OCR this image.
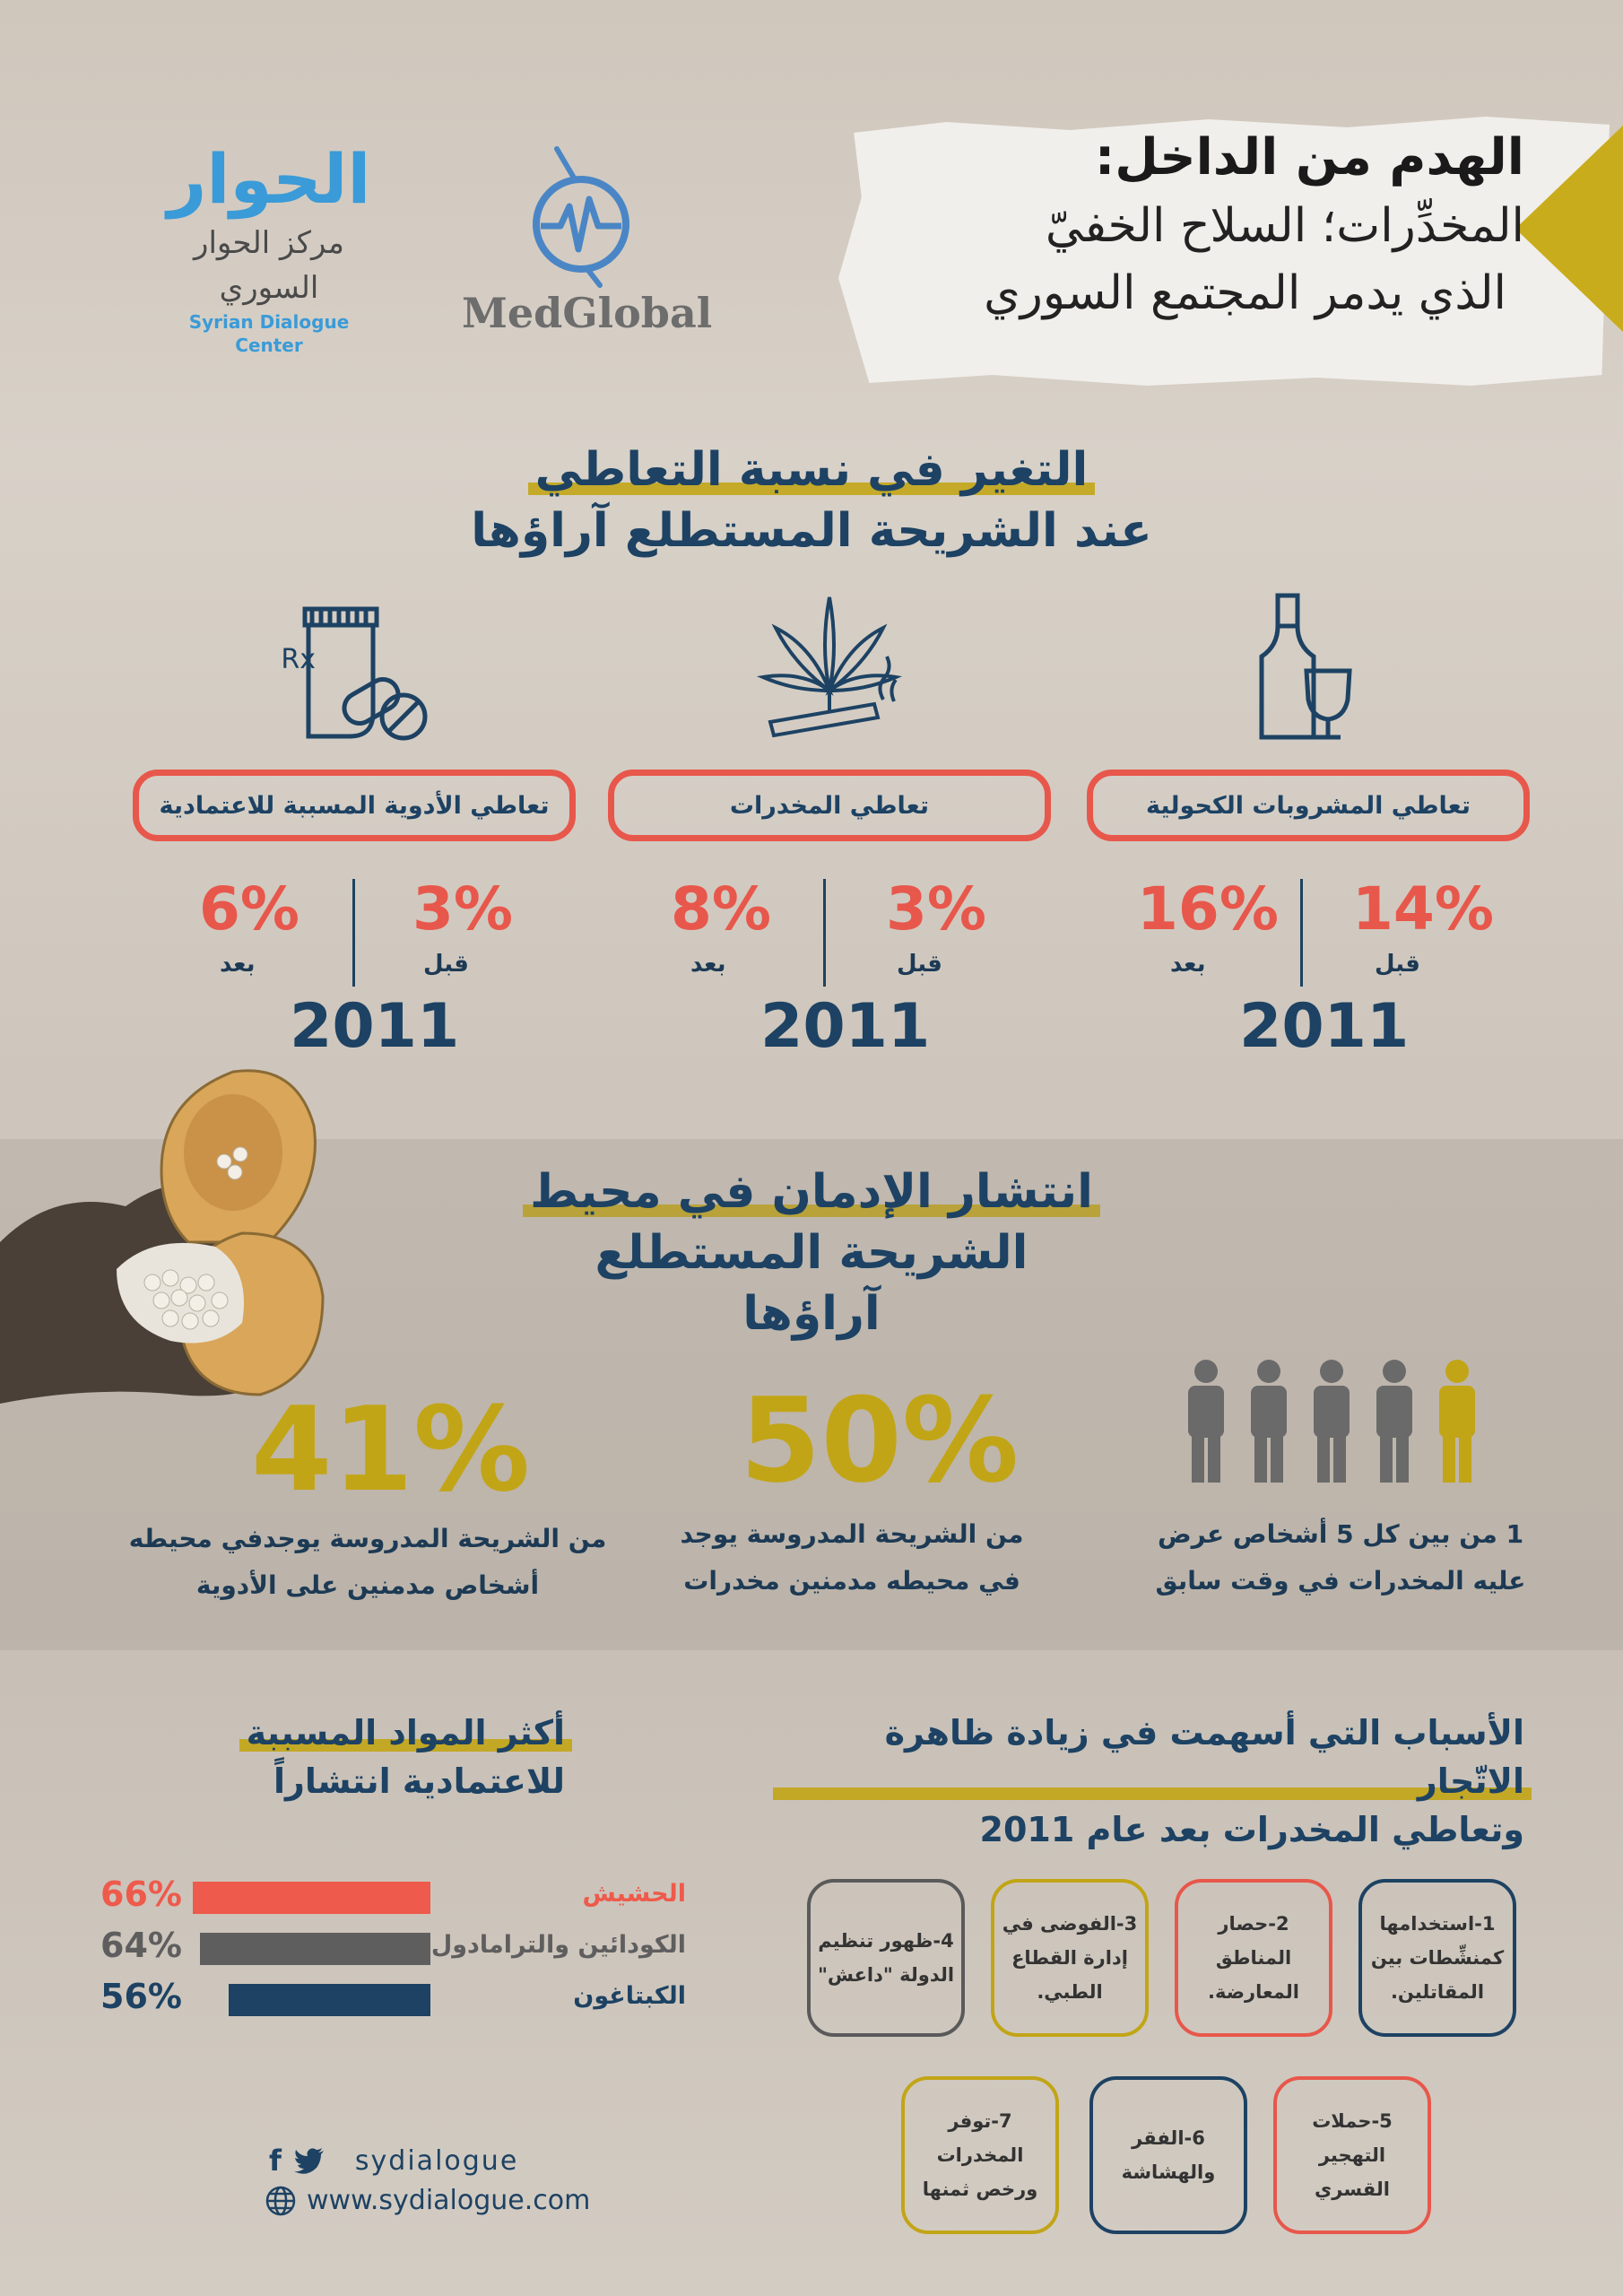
الهدم من الداخل:
المخدِّرات؛ السلاح الخفيّ
الذي يدمر المجتمع السوري
الحوار
مركز الحوار السوري
Syrian Dialogue Center
MedGlobal
التغير في نسبة التعاطي
عند الشريحة المستطلع آراؤها
Rx
تعاطي المشروبات الكحولية
تعاطي المخدرات
تعاطي الأدوية المسببة للاعتمادية
14%
قبل
16%
بعد
2011
3%
قبل
8%
بعد
2011
3%
قبل
6%
بعد
2011
انتشار الإدمان في محيط
الشريحة المستطلع آراؤها
1 من بين كل 5 أشخاص عرض
عليه المخدرات في وقت سابق
50%
من الشريحة المدروسة يوجد
في محيطه مدمنين مخدرات
41%
من الشريحة المدروسة يوجدفي محيطه
أشخاص مدمنين على الأدوية
الأسباب التي أسهمت في زيادة ظاهرة الاتّجار
وتعاطي المخدرات بعد عام 2011
أكثر المواد المسببة
للاعتمادية انتشاراً
1-استخدامها كمنشِّطات بين المقاتلين.
2-حصار المناطق المعارضة.
3-الفوضى في إدارة القطاع الطبي.
4-ظهور تنظيم الدولة "داعش"
5-حملات التهجير القسري
6-الفقر والهشاشة
7-توفر المخدرات ورخص ثمنها
الحشيش
66%
الكودائين والترامادول
64%
الكبتاغون
56%
f	sydialogue
www.sydialogue.com
